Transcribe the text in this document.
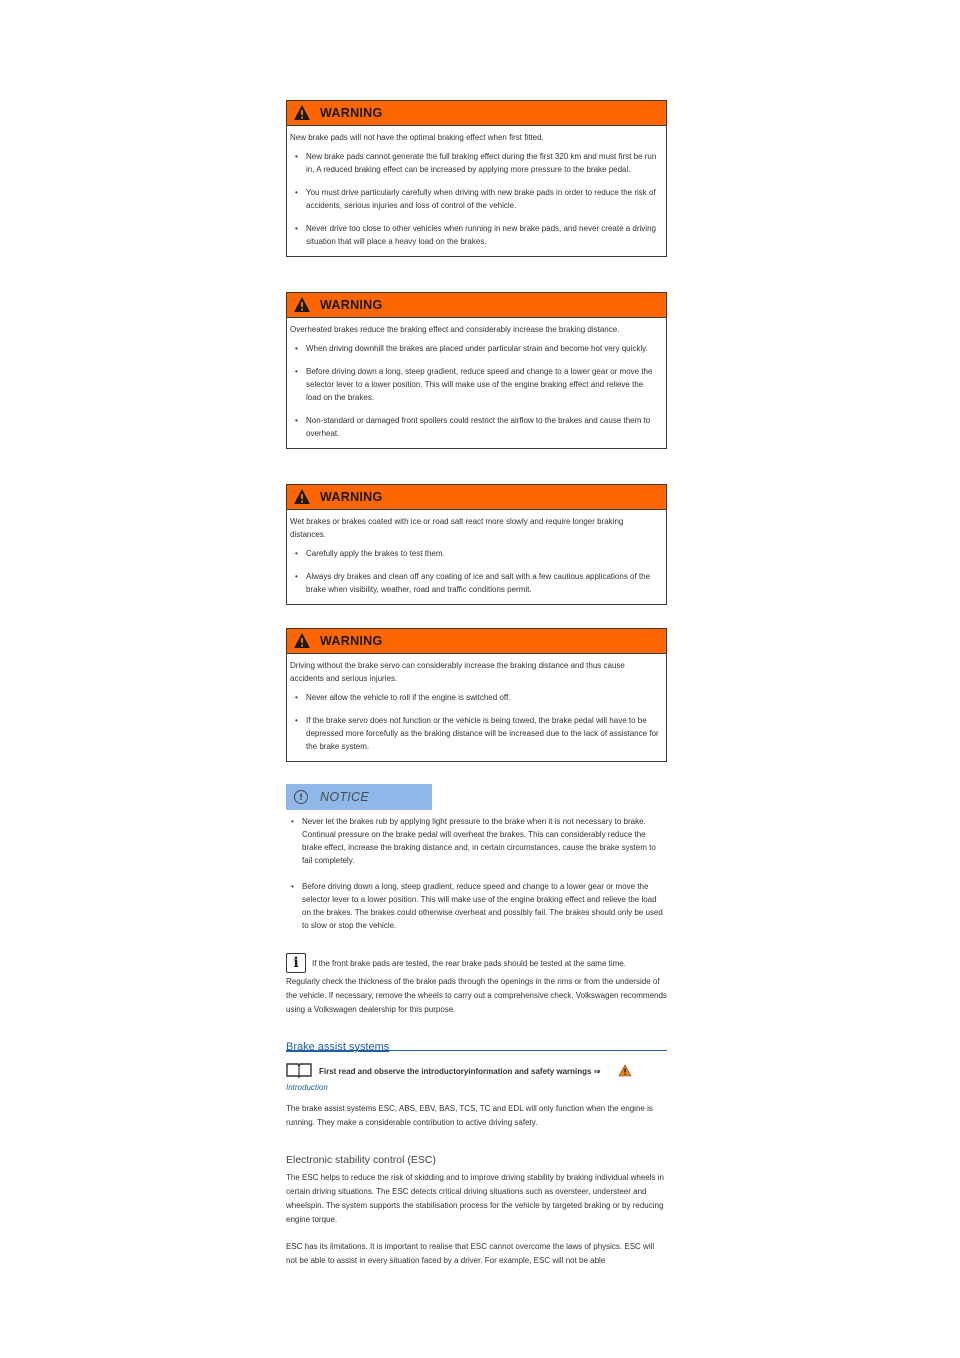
WARNING

New brake pads will not have the optimal braking effect when first fitted.

• New brake pads cannot generate the full braking effect during the first 320 km and must first be run in. A reduced braking effect can be increased by applying more pressure to the brake pedal.
• You must drive particularly carefully when driving with new brake pads in order to reduce the risk of accidents, serious injuries and loss of control of the vehicle.
• Never drive too close to other vehicles when running in new brake pads, and never create a driving situation that will place a heavy load on the brakes.
WARNING

Overheated brakes reduce the braking effect and considerably increase the braking distance.

• When driving downhill the brakes are placed under particular strain and become hot very quickly.
• Before driving down a long, steep gradient, reduce speed and change to a lower gear or move the selector lever to a lower position. This will make use of the engine braking effect and relieve the load on the brakes.
• Non-standard or damaged front spoilers could restrict the airflow to the brakes and cause them to overheat.
WARNING

Wet brakes or brakes coated with ice or road salt react more slowly and require longer braking distances.

• Carefully apply the brakes to test them.
• Always dry brakes and clean off any coating of ice and salt with a few cautious applications of the brake when visibility, weather, road and traffic conditions permit.
WARNING

Driving without the brake servo can considerably increase the braking distance and thus cause accidents and serious injuries.

• Never allow the vehicle to roll if the engine is switched off.
• If the brake servo does not function or the vehicle is being towed, the brake pedal will have to be depressed more forcefully as the braking distance will be increased due to the lack of assistance for the brake system.
!	NOTICE
• Never let the brakes rub by applying light pressure to the brake when it is not necessary to brake. Continual pressure on the brake pedal will overheat the brakes. This can considerably reduce the brake effect, increase the braking distance and, in certain circumstances, cause the brake system to fail completely.
• Before driving down a long, steep gradient, reduce speed and change to a lower gear or move the selector lever to a lower position. This will make use of the engine braking effect and relieve the load on the brakes. The brakes could otherwise overheat and possibly fail. The brakes should only be used to slow or stop the vehicle.
i	If the front brake pads are tested, the rear brake pads should be tested at the same time.
Regularly check the thickness of the brake pads through the openings in the rims or from the underside of the vehicle. If necessary, remove the wheels to carry out a comprehensive check. Volkswagen recommends using a Volkswagen dealership for this purpose.
Brake assist systems
First read and observe the introductoryinformation and safety warnings ⇒
Introduction
The brake assist systems ESC, ABS, EBV, BAS, TCS, TC and EDL will only function when the engine is running. They make a considerable contribution to active driving safety.
Electronic stability control (ESC)
The ESC helps to reduce the risk of skidding and to improve driving stability by braking individual wheels in certain driving situations. The ESC detects critical driving situations such as oversteer, understeer and wheelspin. The system supports the stabilisation process for the vehicle by targeted braking or by reducing engine torque.
ESC has its limitations. It is important to realise that ESC cannot overcome the laws of physics. ESC will not be able to assist in every situation faced by a driver. For example, ESC will not be able
